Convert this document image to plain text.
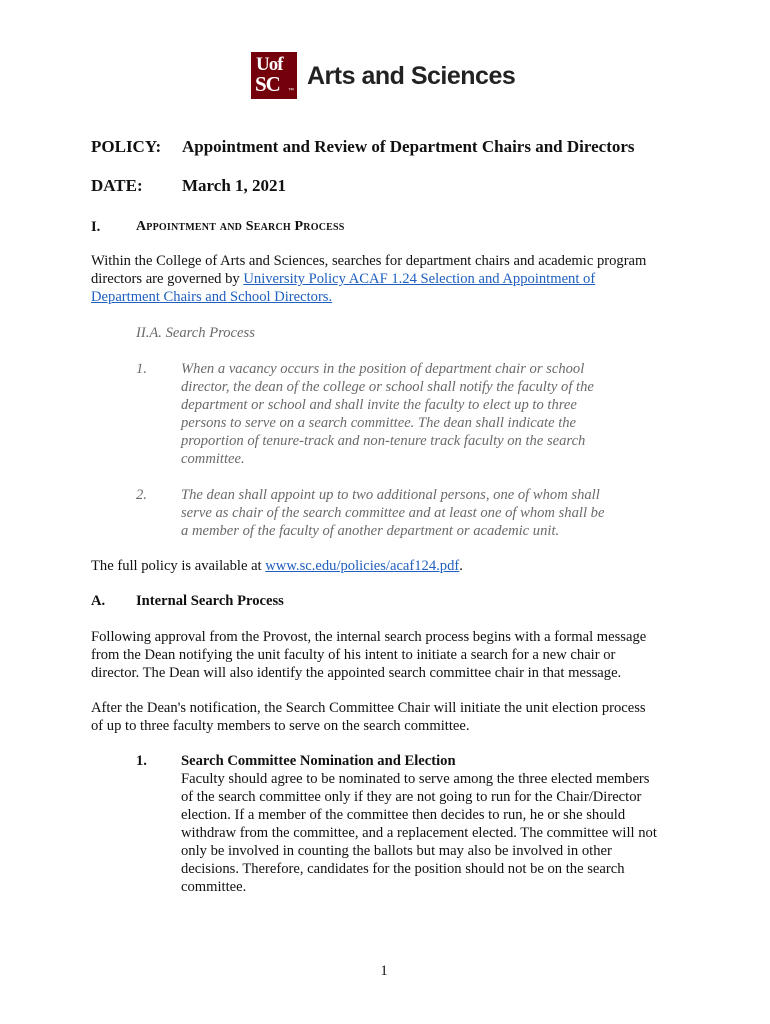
Uof
SC ™
Arts and Sciences
POLICY: Appointment and Review of Department Chairs and Directors
DATE: March 1, 2021
I.	Appointment and Search Process
Within the College of Arts and Sciences, searches for department chairs and academic program
directors are governed by University Policy ACAF 1.24 Selection and Appointment of
Department Chairs and School Directors.
II.A. Search Process
1. When a vacancy occurs in the position of department chair or school
director, the dean of the college or school shall notify the faculty of the
department or school and shall invite the faculty to elect up to three
persons to serve on a search committee. The dean shall indicate the
proportion of tenure-track and non-tenure track faculty on the search
committee.
2. The dean shall appoint up to two additional persons, one of whom shall
serve as chair of the search committee and at least one of whom shall be
a member of the faculty of another department or academic unit.
The full policy is available at www.sc.edu/policies/acaf124.pdf.
A. Internal Search Process
Following approval from the Provost, the internal search process begins with a formal message
from the Dean notifying the unit faculty of his intent to initiate a search for a new chair or
director. The Dean will also identify the appointed search committee chair in that message.
After the Dean's notification, the Search Committee Chair will initiate the unit election process
of up to three faculty members to serve on the search committee.
1. Search Committee Nomination and Election
Faculty should agree to be nominated to serve among the three elected members
of the search committee only if they are not going to run for the Chair/Director
election. If a member of the committee then decides to run, he or she should
withdraw from the committee, and a replacement elected. The committee will not
only be involved in counting the ballots but may also be involved in other
decisions. Therefore, candidates for the position should not be on the search
committee.
1
